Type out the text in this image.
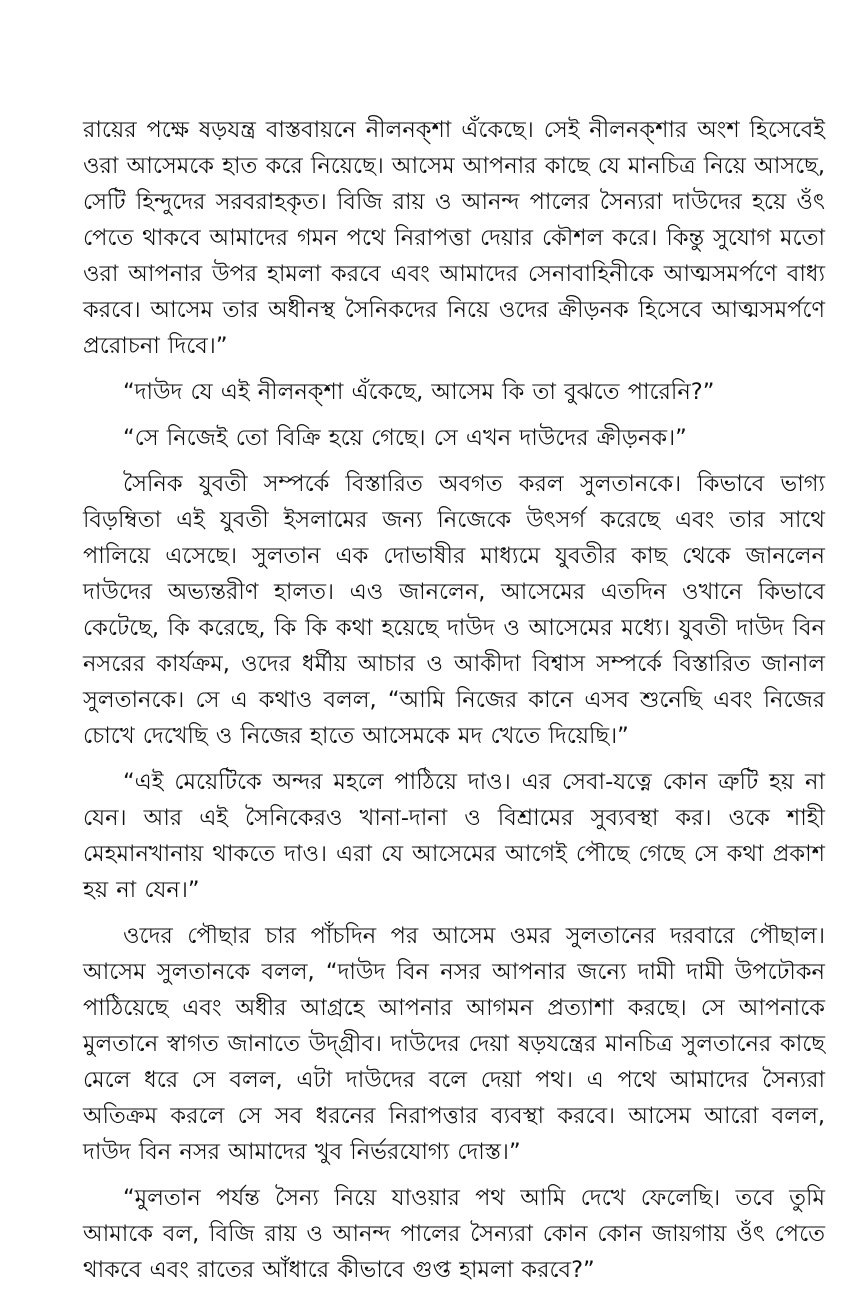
রায়ের পক্ষে ষড়যন্ত্র বাস্তবায়নে নীলনক্শা এঁকেছে। সেই নীলনক্শার অংশ হিসেবেই ওরা আসেমকে হাত করে নিয়েছে। আসেম আপনার কাছে যে মানচিত্র নিয়ে আসছে, সেটি হিন্দুদের সরবরাহকৃত। বিজি রায় ও আনন্দ পালের সৈন্যরা দাউদের হয়ে ওঁৎ পেতে থাকবে আমাদের গমন পথে নিরাপত্তা দেয়ার কৌশল করে। কিন্তু সুযোগ মতো ওরা আপনার উপর হামলা করবে এবং আমাদের সেনাবাহিনীকে আত্মসমর্পণে বাধ্য করবে। আসেম তার অধীনস্থ সৈনিকদের নিয়ে ওদের ক্রীড়নক হিসেবে আত্মসমর্পণে প্ররোচনা দিবে।”

“দাউদ যে এই নীলনক্শা এঁকেছে, আসেম কি তা বুঝতে পারেনি?”

“সে নিজেই তো বিক্রি হয়ে গেছে। সে এখন দাউদের ক্রীড়নক।”

সৈনিক যুবতী সম্পর্কে বিস্তারিত অবগত করল সুলতানকে। কিভাবে ভাগ্য বিড়ম্বিতা এই যুবতী ইসলামের জন্য নিজেকে উৎসর্গ করেছে এবং তার সাথে পালিয়ে এসেছে। সুলতান এক দোভাষীর মাধ্যমে যুবতীর কাছ থেকে জানলেন দাউদের অভ্যন্তরীণ হালত। এও জানলেন, আসেমের এতদিন ওখানে কিভাবে কেটেছে, কি করেছে, কি কি কথা হয়েছে দাউদ ও আসেমের মধ্যে। যুবতী দাউদ বিন নসরের কার্যক্রম, ওদের ধর্মীয় আচার ও আকীদা বিশ্বাস সম্পর্কে বিস্তারিত জানাল সুলতানকে। সে এ কথাও বলল, “আমি নিজের কানে এসব শুনেছি এবং নিজের চোখে দেখেছি ও নিজের হাতে আসেমকে মদ খেতে দিয়েছি।”

“এই মেয়েটিকে অন্দর মহলে পাঠিয়ে দাও। এর সেবা-যত্নে কোন ত্রুটি হয় না যেন। আর এই সৈনিকেরও খানা-দানা ও বিশ্রামের সুব্যবস্থা কর। ওকে শাহী মেহমানখানায় থাকতে দাও। এরা যে আসেমের আগেই পৌছে গেছে সে কথা প্রকাশ হয় না যেন।”

ওদের পৌছার চার পাঁচদিন পর আসেম ওমর সুলতানের দরবারে পৌছাল। আসেম সুলতানকে বলল, “দাউদ বিন নসর আপনার জন্যে দামী দামী উপঢৌকন পাঠিয়েছে এবং অধীর আগ্রহে আপনার আগমন প্রত্যাশা করছে। সে আপনাকে মুলতানে স্বাগত জানাতে উদ্গ্রীব। দাউদের দেয়া ষড়যন্ত্রের মানচিত্র সুলতানের কাছে মেলে ধরে সে বলল, এটা দাউদের বলে দেয়া পথ। এ পথে আমাদের সৈন্যরা অতিক্রম করলে সে সব ধরনের নিরাপত্তার ব্যবস্থা করবে। আসেম আরো বলল, দাউদ বিন নসর আমাদের খুব নির্ভরযোগ্য দোস্ত।”

“মুলতান পর্যন্ত সৈন্য নিয়ে যাওয়ার পথ আমি দেখে ফেলেছি। তবে তুমি আমাকে বল, বিজি রায় ও আনন্দ পালের সৈন্যরা কোন কোন জায়গায় ওঁৎ পেতে থাকবে এবং রাতের আঁধারে কীভাবে গুপ্ত হামলা করবে?”
